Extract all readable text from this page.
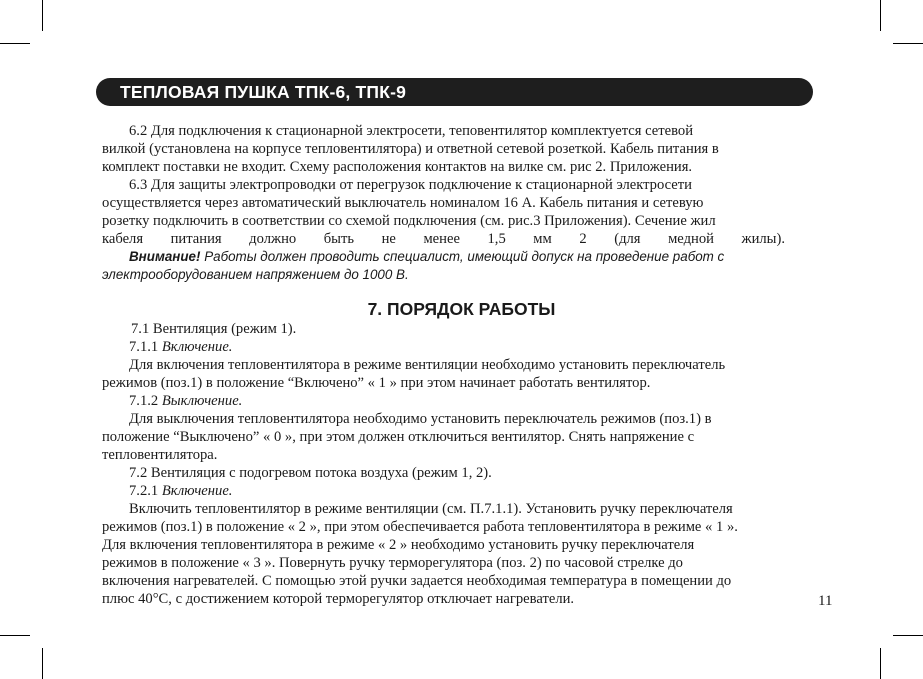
ТЕПЛОВАЯ ПУШКА ТПК-6, ТПК-9
6.2 Для подключения к стационарной электросети, теповентилятор комплектуется сетевой
вилкой (установлена на корпусе тепловентилятора) и ответной сетевой розеткой. Кабель питания в
комплект поставки не входит. Схему расположения контактов на вилке см. рис 2. Приложения.
6.3 Для защиты электропроводки от перегрузок подключение к стационарной электросети
осуществляется через автоматический выключатель номиналом 16 А. Кабель питания и сетевую
розетку подключить в соответствии со схемой подключения (см. рис.3 Приложения). Сечение жил
кабеля питания должно быть не менее 1,5 мм 2 (для медной жилы).
Внимание! Работы должен проводить специалист, имеющий допуск на проведение работ с
электрооборудованием напряжением до 1000 В.
7. ПОРЯДОК РАБОТЫ
7.1 Вентиляция (режим 1).
7.1.1 Включение.
Для включения тепловентилятора в режиме вентиляции необходимо установить переключатель
режимов (поз.1) в положение “Включено” « 1 » при этом начинает работать вентилятор.
7.1.2 Выключение.
Для выключения тепловентилятора необходимо установить переключатель режимов (поз.1) в
положение “Выключено” « 0 », при этом должен отключиться вентилятор. Снять напряжение с
тепловентилятора.
7.2 Вентиляция с подогревом потока воздуха (режим 1, 2).
7.2.1 Включение.
Включить тепловентилятор в режиме вентиляции (см. П.7.1.1). Установить ручку переключателя
режимов (поз.1) в положение « 2 », при этом обеспечивается работа тепловентилятора в режиме « 1 ».
Для включения тепловентилятора в режиме « 2 » необходимо установить ручку переключателя
режимов в положение « 3 ». Повернуть ручку терморегулятора (поз. 2) по часовой стрелке до
включения нагревателей. С помощью этой ручки задается необходимая температура в помещении до
плюс 40°С, с достижением которой терморегулятор отключает нагреватели.	11
